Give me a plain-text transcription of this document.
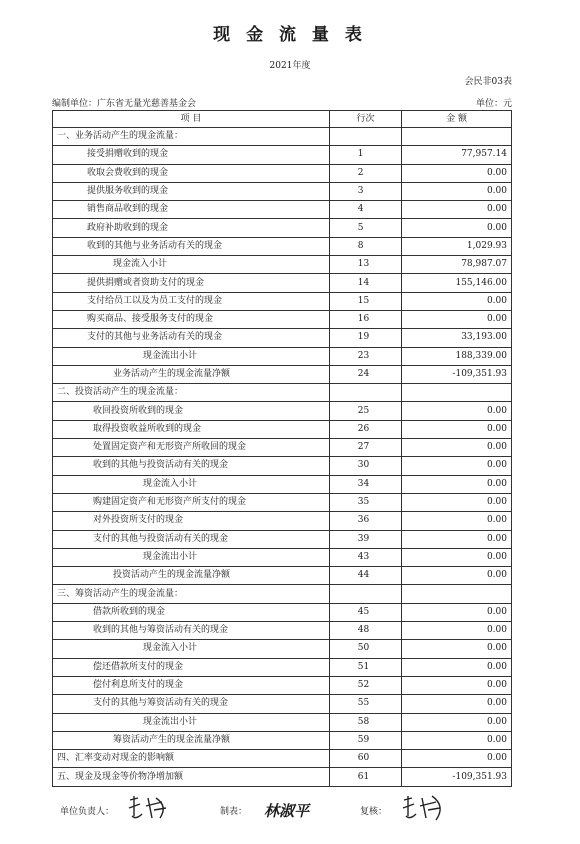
现 金 流 量 表
2021年度
会民非03表
编制单位：广东省无量光慈善基金会	单位：元
项 目	行次	金 额
一、业务活动产生的现金流量：		
接受捐赠收到的现金	1	77,957.14
收取会费收到的现金	2	0.00
提供服务收到的现金	3	0.00
销售商品收到的现金	4	0.00
政府补助收到的现金	5	0.00
收到的其他与业务活动有关的现金	8	1,029.93
现金流入小计	13	78,987.07
提供捐赠或者资助支付的现金	14	155,146.00
支付给员工以及为员工支付的现金	15	0.00
购买商品、接受服务支付的现金	16	0.00
支付的其他与业务活动有关的现金	19	33,193.00
现金流出小计	23	188,339.00
业务活动产生的现金流量净额	24	-109,351.93
二、投资活动产生的现金流量：		
收回投资所收到的现金	25	0.00
取得投资收益所收到的现金	26	0.00
处置固定资产和无形资产所收回的现金	27	0.00
收到的其他与投资活动有关的现金	30	0.00
现金流入小计	34	0.00
购建固定资产和无形资产所支付的现金	35	0.00
对外投资所支付的现金	36	0.00
支付的其他与投资活动有关的现金	39	0.00
现金流出小计	43	0.00
投资活动产生的现金流量净额	44	0.00
三、筹资活动产生的现金流量：		
借款所收到的现金	45	0.00
收到的其他与筹资活动有关的现金	48	0.00
现金流入小计	50	0.00
偿还借款所支付的现金	51	0.00
偿付利息所支付的现金	52	0.00
支付的其他与筹资活动有关的现金	55	0.00
现金流出小计	58	0.00
筹资活动产生的现金流量净额	59	0.00
四、汇率变动对现金的影响额	60	0.00
五、现金及现金等价物净增加额	61	-109,351.93
单位负责人：	制表： 林淑平	复核：
